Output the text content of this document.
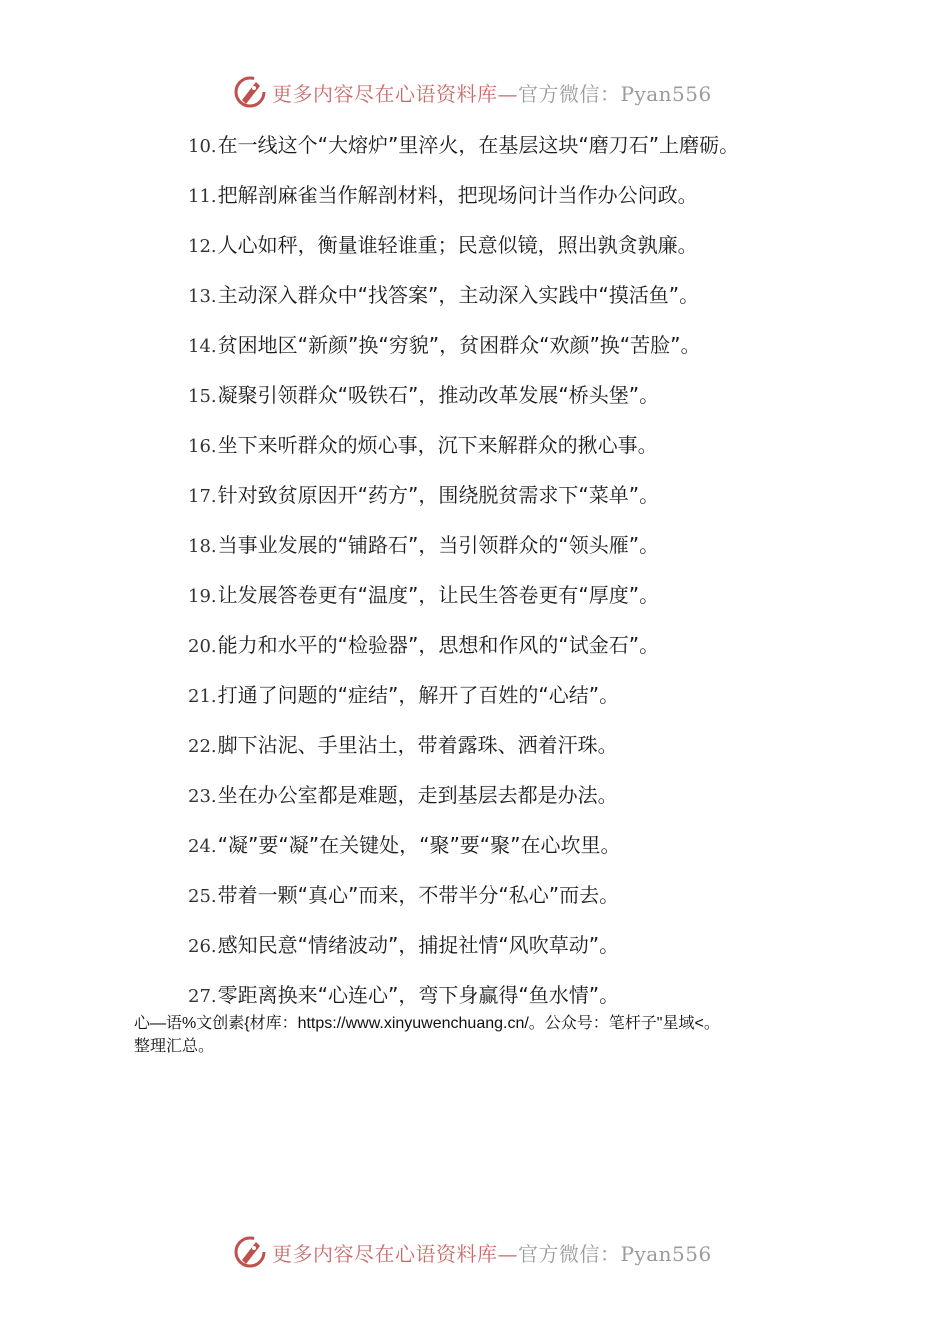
更多内容尽在心语资料库—官方微信：Pyan556
10. 在一线这个“大熔炉”里淬火，在基层这块“磨刀石”上磨砺。
11. 把解剖麻雀当作解剖材料，把现场问计当作办公问政。
12. 人心如秤，衡量谁轻谁重；民意似镜，照出孰贪孰廉。
13. 主动深入群众中“找答案”，主动深入实践中“摸活鱼”。
14. 贫困地区“新颜”换“穷貌”，贫困群众“欢颜”换“苦脸”。
15. 凝聚引领群众“吸铁石”，推动改革发展“桥头堡”。
16. 坐下来听群众的烦心事，沉下来解群众的揪心事。
17. 针对致贫原因开“药方”，围绕脱贫需求下“菜单”。
18. 当事业发展的“铺路石”，当引领群众的“领头雁”。
19. 让发展答卷更有“温度”，让民生答卷更有“厚度”。
20. 能力和水平的“检验器”，思想和作风的“试金石”。
21. 打通了问题的“症结”，解开了百姓的“心结”。
22. 脚下沾泥、手里沾土，带着露珠、洒着汗珠。
23. 坐在办公室都是难题，走到基层去都是办法。
24. “凝”要“凝”在关键处，“聚”要“聚”在心坎里。
25. 带着一颗“真心”而来，不带半分“私心”而去。
26. 感知民意“情绪波动”，捕捉社情“风吹草动”。
27. 零距离换来“心连心”，弯下身赢得“鱼水情”。
心—语%文创素{材库：https://www.xinyuwenchuang.cn/。公众号：笔杆子"星域<。
整理汇总。
更多内容尽在心语资料库—官方微信：Pyan556
